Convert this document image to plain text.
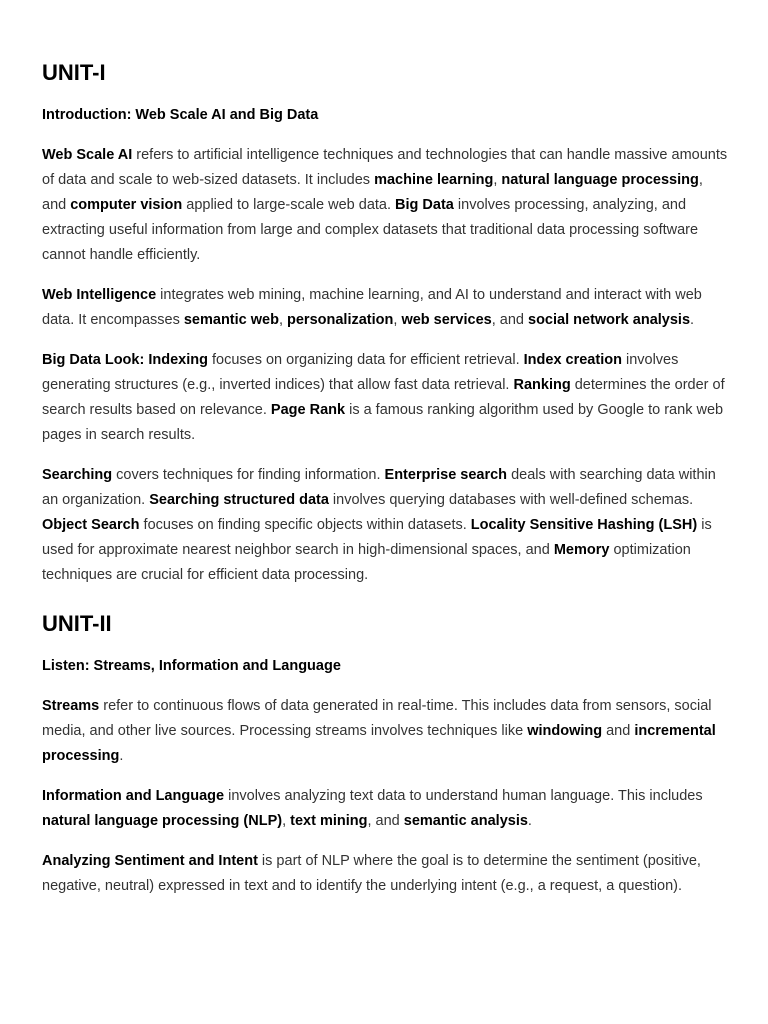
UNIT-I
Introduction: Web Scale AI and Big Data

Web Scale AI refers to artificial intelligence techniques and technologies that can handle massive amounts of data and scale to web-sized datasets. It includes machine learning, natural language processing, and computer vision applied to large-scale web data. Big Data involves processing, analyzing, and extracting useful information from large and complex datasets that traditional data processing software cannot handle efficiently.

Web Intelligence integrates web mining, machine learning, and AI to understand and interact with web data. It encompasses semantic web, personalization, web services, and social network analysis.

Big Data Look: Indexing focuses on organizing data for efficient retrieval. Index creation involves generating structures (e.g., inverted indices) that allow fast data retrieval. Ranking determines the order of search results based on relevance. Page Rank is a famous ranking algorithm used by Google to rank web pages in search results.

Searching covers techniques for finding information. Enterprise search deals with searching data within an organization. Searching structured data involves querying databases with well-defined schemas. Object Search focuses on finding specific objects within datasets. Locality Sensitive Hashing (LSH) is used for approximate nearest neighbor search in high-dimensional spaces, and Memory optimization techniques are crucial for efficient data processing.

UNIT-II
Listen: Streams, Information and Language

Streams refer to continuous flows of data generated in real-time. This includes data from sensors, social media, and other live sources. Processing streams involves techniques like windowing and incremental processing.

Information and Language involves analyzing text data to understand human language. This includes natural language processing (NLP), text mining, and semantic analysis.

Analyzing Sentiment and Intent is part of NLP where the goal is to determine the sentiment (positive, negative, neutral) expressed in text and to identify the underlying intent (e.g., a request, a question).
